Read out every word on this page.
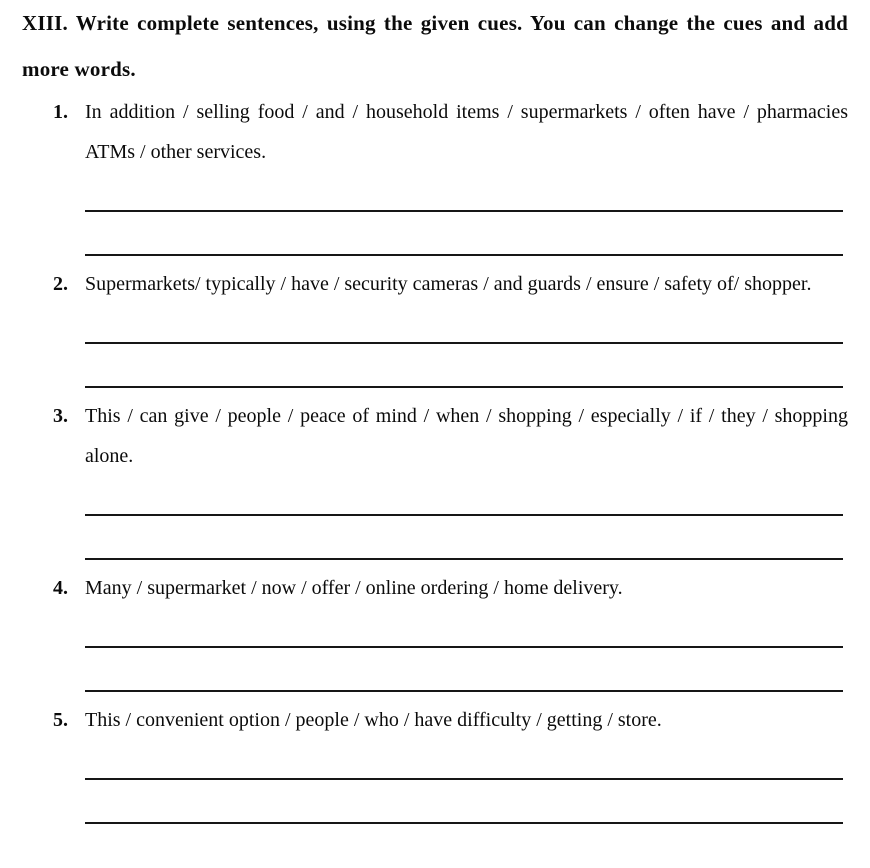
XIII. Write complete sentences, using the given cues. You can change the cues and add more words.

1. In addition / selling food / and / household items / supermarkets / often have / pharmacies ATMs / other services.

2. Supermarkets/ typically / have / security cameras / and guards / ensure / safety of/ shopper.

3. This / can give / people / peace of mind / when / shopping / especially / if / they / shopping alone.

4. Many / supermarket / now / offer / online ordering / home delivery.

5. This / convenient option / people / who / have difficulty / getting / store.
